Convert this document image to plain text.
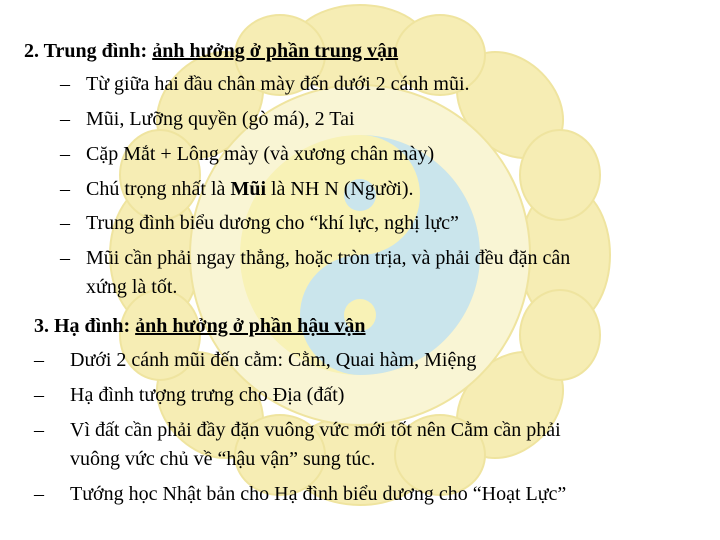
2. Trung đình: ảnh hưởng ở phần trung vận
– Từ giữa hai đầu chân mày đến dưới 2 cánh mũi.
– Mũi, Lưỡng quyền (gò má), 2 Tai
– Cặp Mắt + Lông mày (và xương chân mày)
– Chú trọng nhất là Mũi là NH N (Người).
– Trung đình biểu dương cho “khí lực, nghị lực”
– Mũi cần phải ngay thẳng, hoặc tròn trịa, và phải đều đặn cân
xứng là tốt.
3. Hạ đình: ảnh hưởng ở phần hậu vận
– Dưới 2 cánh mũi đến cằm: Cằm, Quai hàm, Miệng
– Hạ đình tượng trưng cho Địa (đất)
– Vì đất cần phải đầy đặn vuông vức mới tốt nên Cằm cần phải
vuông vức chủ về “hậu vận” sung túc.
– Tướng học Nhật bản cho Hạ đình biểu dương cho “Hoạt Lực”
